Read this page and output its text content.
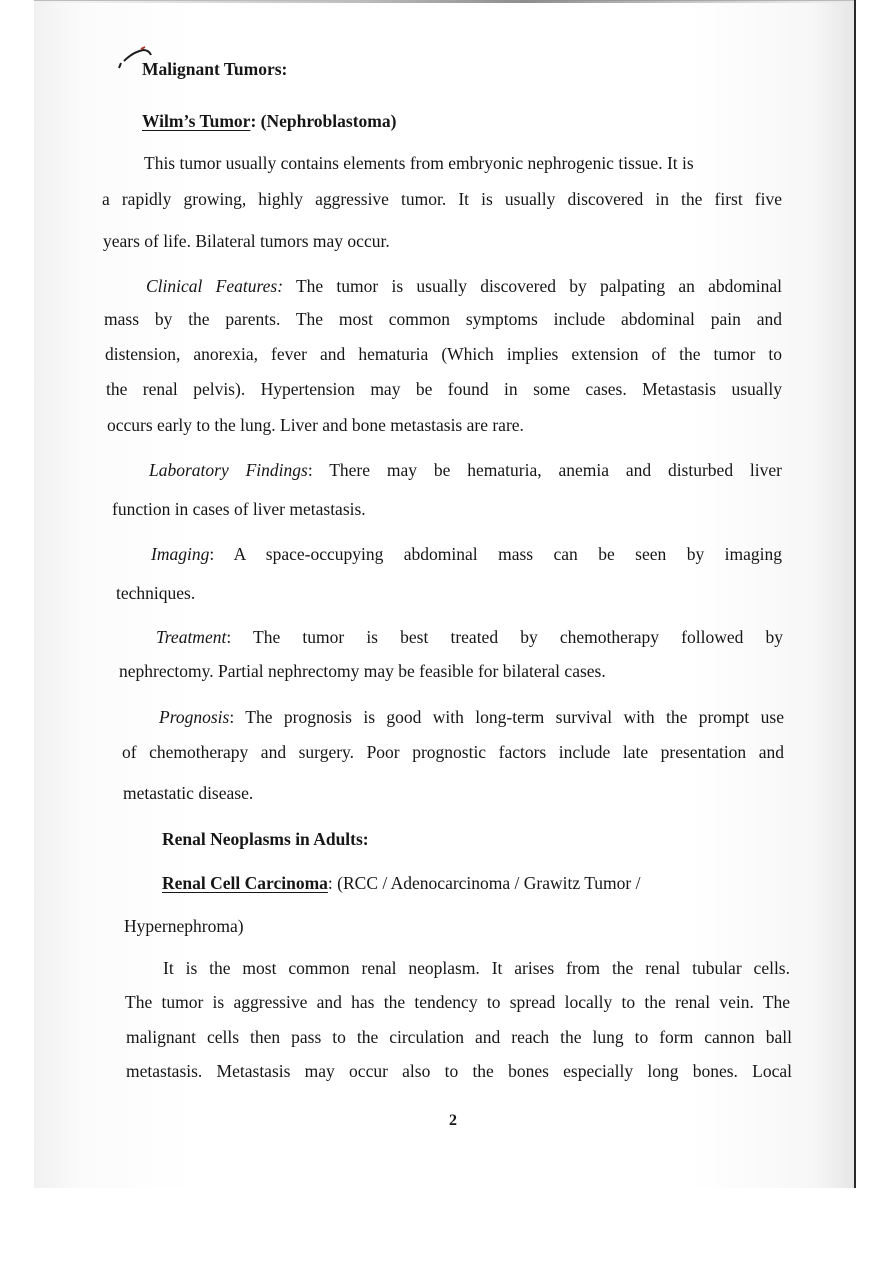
Malignant Tumors:
Wilm’s Tumor: (Nephroblastoma)
This tumor usually contains elements from embryonic nephrogenic tissue. It is
a rapidly growing, highly aggressive tumor. It is usually discovered in the first five
years of life. Bilateral tumors may occur.
Clinical Features: The tumor is usually discovered by palpating an abdominal
mass by the parents. The most common symptoms include abdominal pain and
distension, anorexia, fever and hematuria (Which implies extension of the tumor to
the renal pelvis). Hypertension may be found in some cases. Metastasis usually
occurs early to the lung. Liver and bone metastasis are rare.
Laboratory Findings: There may be hematuria, anemia and disturbed liver
function in cases of liver metastasis.
Imaging: A space-occupying abdominal mass can be seen by imaging
techniques.
Treatment: The tumor is best treated by chemotherapy followed by
nephrectomy. Partial nephrectomy may be feasible for bilateral cases.
Prognosis: The prognosis is good with long-term survival with the prompt use
of chemotherapy and surgery. Poor prognostic factors include late presentation and
metastatic disease.
Renal Neoplasms in Adults:
Renal Cell Carcinoma: (RCC / Adenocarcinoma / Grawitz Tumor /
Hypernephroma)
It is the most common renal neoplasm. It arises from the renal tubular cells.
The tumor is aggressive and has the tendency to spread locally to the renal vein. The
malignant cells then pass to the circulation and reach the lung to form cannon ball
metastasis. Metastasis may occur also to the bones especially long bones. Local
2
